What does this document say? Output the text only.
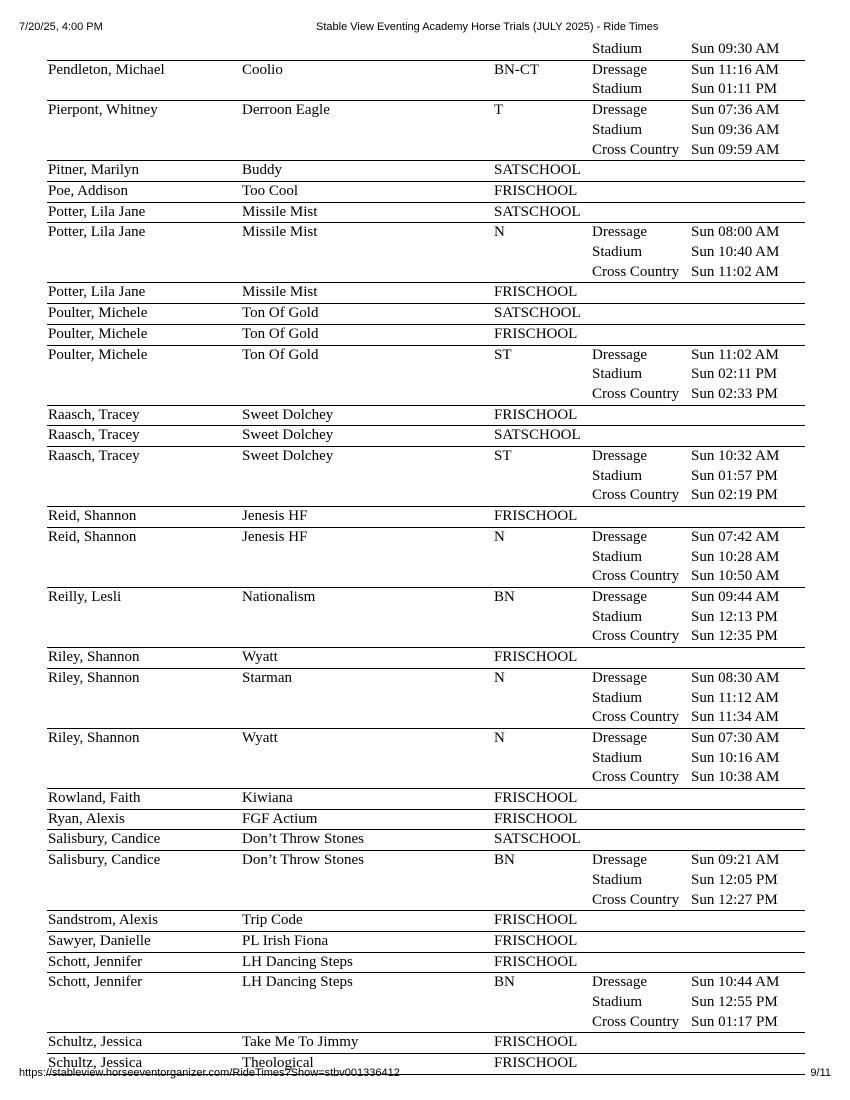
7/20/25, 4:00 PM	Stable View Eventing Academy Horse Trials (JULY 2025) - Ride Times
Stadium	Sun 09:30 AM
Pendleton, Michael	Coolio	BN-CT	Dressage	Sun 11:16 AM
Stadium	Sun 01:11 PM
Pierpont, Whitney	Derroon Eagle	T	Dressage	Sun 07:36 AM
Stadium	Sun 09:36 AM
Cross Country Sun 09:59 AM
Pitner, Marilyn	Buddy	SATSCHOOL

Poe, Addison	Too Cool	FRISCHOOL

Potter, Lila Jane	Missile Mist	SATSCHOOL

Potter, Lila Jane	Missile Mist	N	Dressage	Sun 08:00 AM
Stadium	Sun 10:40 AM
Cross Country Sun 11:02 AM
Potter, Lila Jane	Missile Mist	FRISCHOOL

Poulter, Michele	Ton Of Gold	SATSCHOOL

Poulter, Michele	Ton Of Gold	FRISCHOOL

Poulter, Michele	Ton Of Gold	ST	Dressage	Sun 11:02 AM
Stadium	Sun 02:11 PM
Cross Country Sun 02:33 PM
Raasch, Tracey	Sweet Dolchey	FRISCHOOL

Raasch, Tracey	Sweet Dolchey	SATSCHOOL

Raasch, Tracey	Sweet Dolchey	ST	Dressage	Sun 10:32 AM
Stadium	Sun 01:57 PM
Cross Country Sun 02:19 PM
Reid, Shannon	Jenesis HF	FRISCHOOL

Reid, Shannon	Jenesis HF	N	Dressage	Sun 07:42 AM
Stadium	Sun 10:28 AM
Cross Country Sun 10:50 AM
Reilly, Lesli	Nationalism	BN	Dressage	Sun 09:44 AM
Stadium	Sun 12:13 PM
Cross Country Sun 12:35 PM
Riley, Shannon	Wyatt	FRISCHOOL

Riley, Shannon	Starman	N	Dressage	Sun 08:30 AM
Stadium	Sun 11:12 AM
Cross Country Sun 11:34 AM
Riley, Shannon	Wyatt	N	Dressage	Sun 07:30 AM
Stadium	Sun 10:16 AM
Cross Country Sun 10:38 AM
Rowland, Faith	Kiwiana	FRISCHOOL

Ryan, Alexis	FGF Actium	FRISCHOOL

Salisbury, Candice	Don’t Throw Stones	SATSCHOOL

Salisbury, Candice	Don’t Throw Stones	BN	Dressage	Sun 09:21 AM
Stadium	Sun 12:05 PM
Cross Country Sun 12:27 PM
Sandstrom, Alexis	Trip Code	FRISCHOOL

Sawyer, Danielle	PL Irish Fiona	FRISCHOOL

Schott, Jennifer	LH Dancing Steps	FRISCHOOL

Schott, Jennifer	LH Dancing Steps	BN	Dressage	Sun 10:44 AM
Stadium	Sun 12:55 PM
Cross Country Sun 01:17 PM
Schultz, Jessica	Take Me To Jimmy	FRISCHOOL

Schultz, Jessica	Theological	FRISCHOOL

https://stableview.horseeventorganizer.com/RideTimes?Show=stbv001336412	9/11
